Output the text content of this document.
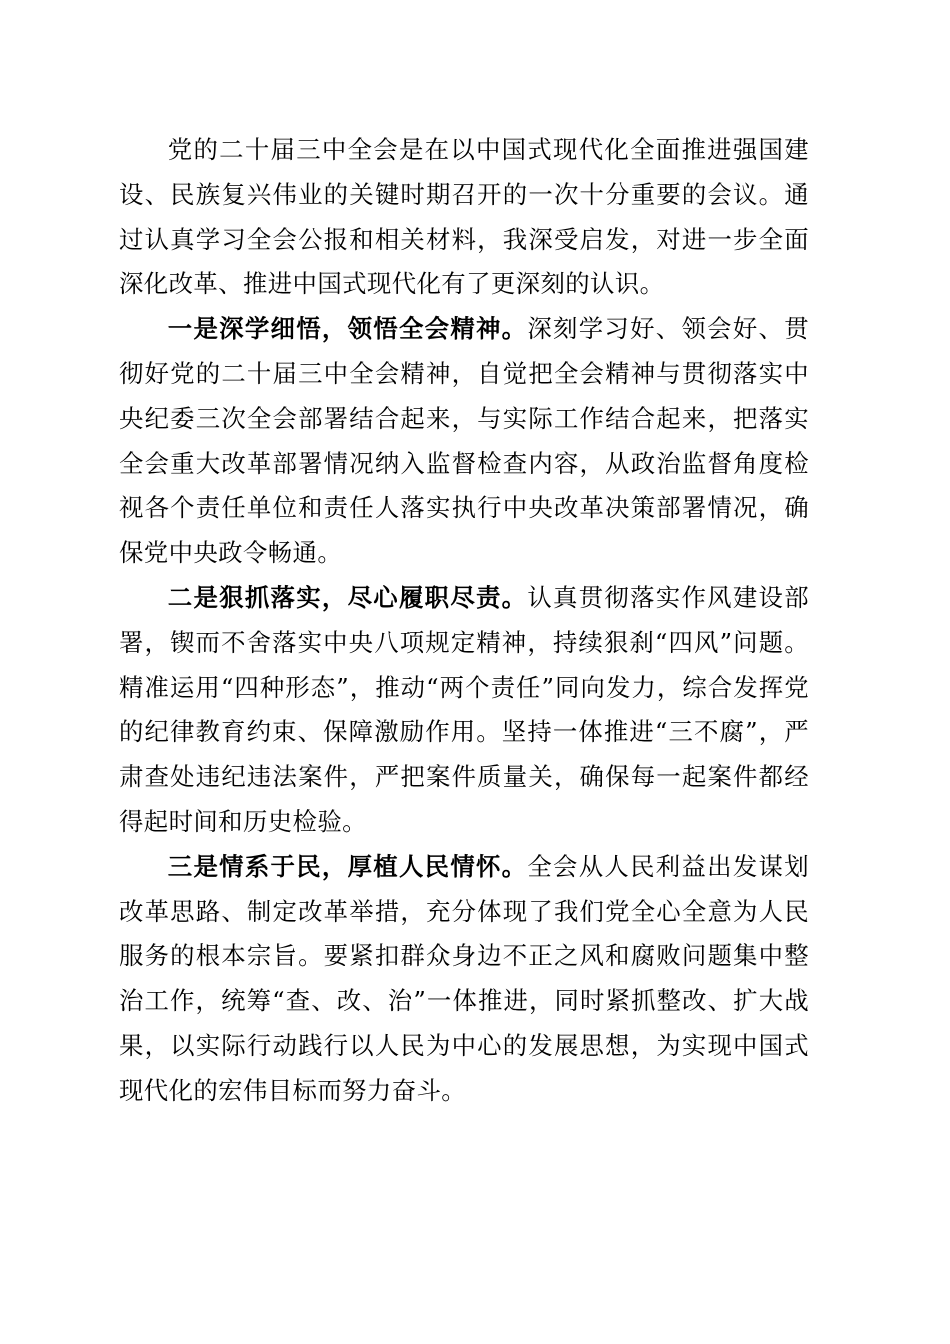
党的二十届三中全会是在以中国式现代化全面推进强国建设、民族复兴伟业的关键时期召开的一次十分重要的会议。通过认真学习全会公报和相关材料，我深受启发，对进一步全面深化改革、推进中国式现代化有了更深刻的认识。

一是深学细悟，领悟全会精神。深刻学习好、领会好、贯彻好党的二十届三中全会精神，自觉把全会精神与贯彻落实中央纪委三次全会部署结合起来，与实际工作结合起来，把落实全会重大改革部署情况纳入监督检查内容，从政治监督角度检视各个责任单位和责任人落实执行中央改革决策部署情况，确保党中央政令畅通。

二是狠抓落实，尽心履职尽责。认真贯彻落实作风建设部署，锲而不舍落实中央八项规定精神，持续狠刹“四风”问题。精准运用“四种形态”，推动“两个责任”同向发力，综合发挥党的纪律教育约束、保障激励作用。坚持一体推进“三不腐”，严肃查处违纪违法案件，严把案件质量关，确保每一起案件都经得起时间和历史检验。

三是情系于民，厚植人民情怀。全会从人民利益出发谋划改革思路、制定改革举措，充分体现了我们党全心全意为人民服务的根本宗旨。要紧扣群众身边不正之风和腐败问题集中整治工作，统筹“查、改、治”一体推进，同时紧抓整改、扩大战果，以实际行动践行以人民为中心的发展思想，为实现中国式现代化的宏伟目标而努力奋斗。
